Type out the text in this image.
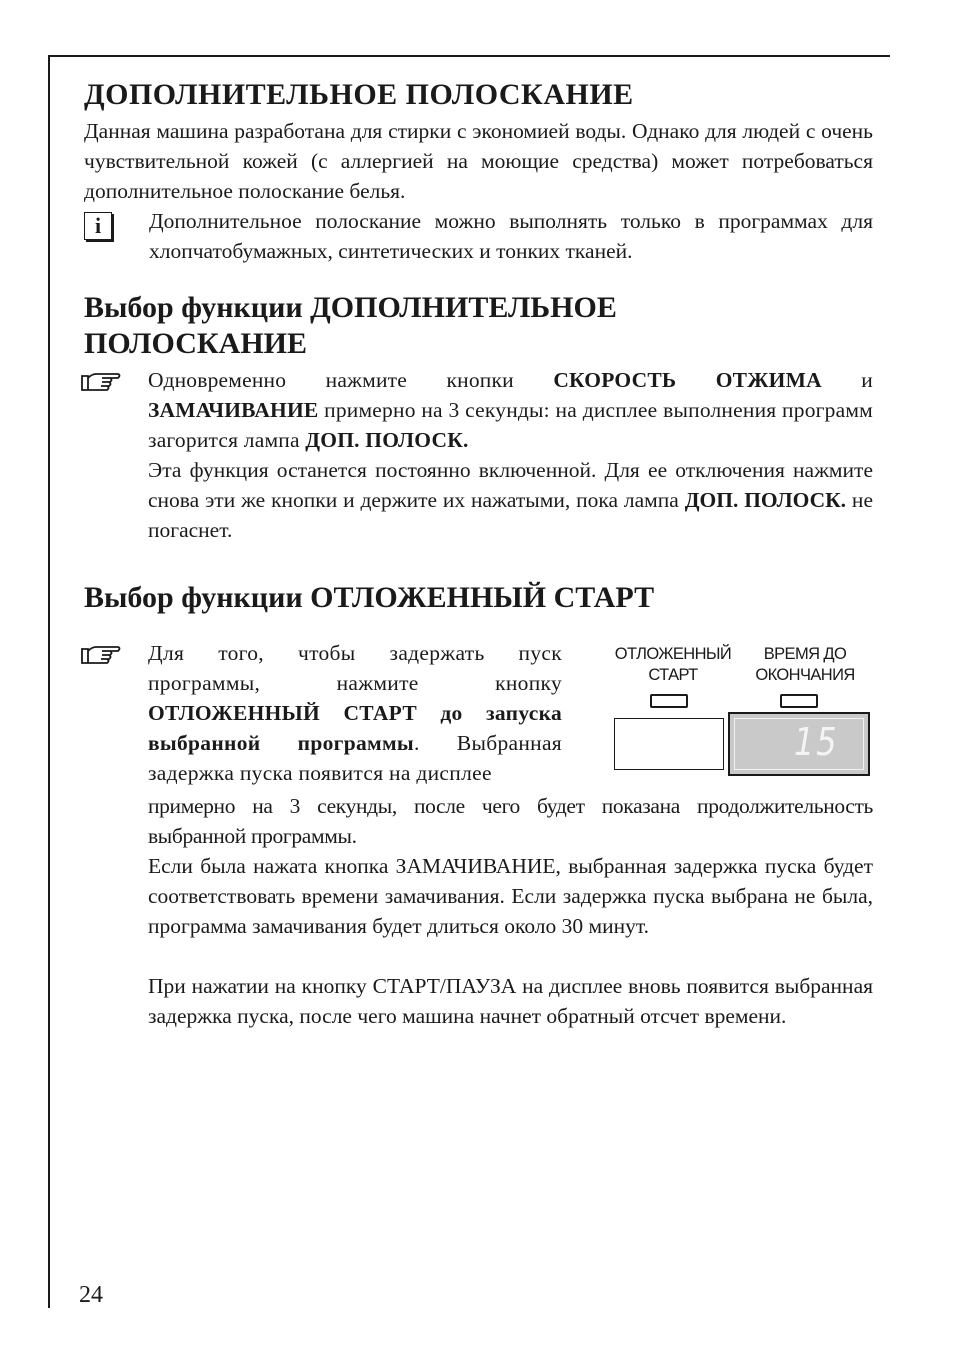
ДОПОЛНИТЕЛЬНОЕ ПОЛОСКАНИЕ
Данная машина разработана для стирки с экономией воды. Однако для людей с очень чувствительной кожей (с аллергией на моющие средства) может потребоваться дополнительное полоскание белья.
i	Дополнительное полоскание можно выполнять только в программах для хлопчатобумажных, синтетических и тонких тканей.
Выбор функции ДОПОЛНИТЕЛЬНОЕ ПОЛОСКАНИЕ
Одновременно нажмите кнопки СКОРОСТЬ ОТЖИМА и ЗАМАЧИВАНИЕ примерно на 3 секунды: на дисплее выполнения программ загорится лампа ДОП. ПОЛОСК.
Эта функция останется постоянно включенной. Для ее отключения нажмите снова эти же кнопки и держите их нажатыми, пока лампа ДОП. ПОЛОСК. не погаснет.
Выбор функции ОТЛОЖЕННЫЙ СТАРТ
Для того, чтобы задержать пуск программы, нажмите кнопку ОТЛОЖЕННЫЙ СТАРТ до запуска выбранной программы. Выбранная задержка пуска появится на дисплее
ОТЛОЖЕННЫЙ
СТАРТ
ВРЕМЯ ДО
ОКОНЧАНИЯ
15
примерно на 3 секунды, после чего будет показана продолжительность выбранной программы.
Если была нажата кнопка ЗАМАЧИВАНИЕ, выбранная задержка пуска будет соответствовать времени замачивания. Если задержка пуска выбрана не была, программа замачивания будет длиться около 30 минут.
При нажатии на кнопку СТАРТ/ПАУЗА на дисплее вновь появится выбранная задержка пуска, после чего машина начнет обратный отсчет времени.
24
